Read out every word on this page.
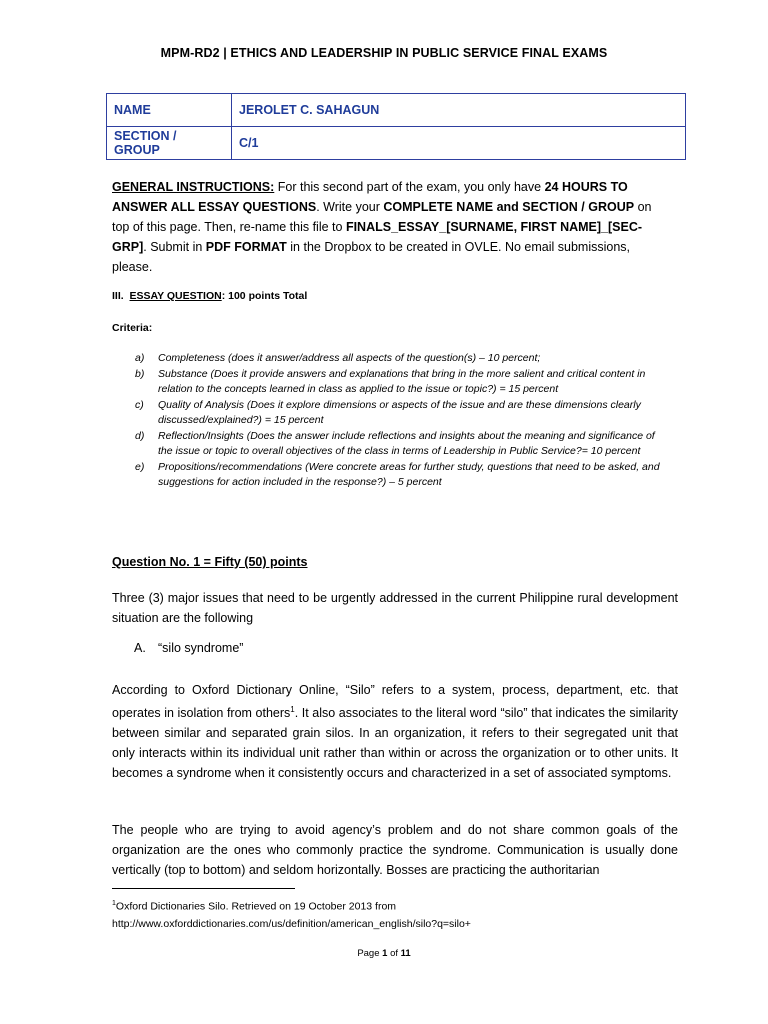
MPM-RD2 | ETHICS AND LEADERSHIP IN PUBLIC SERVICE FINAL EXAMS
NAME	JEROLET C. SAHAGUN
SECTION / GROUP	C/1
GENERAL INSTRUCTIONS: For this second part of the exam, you only have 24 HOURS TO ANSWER ALL ESSAY QUESTIONS. Write your COMPLETE NAME and SECTION / GROUP on top of this page. Then, re-name this file to FINALS_ESSAY_[SURNAME, FIRST NAME]_[SEC-GRP]. Submit in PDF FORMAT in the Dropbox to be created in OVLE. No email submissions, please.
III. ESSAY QUESTION: 100 points Total
Criteria:
a) Completeness (does it answer/address all aspects of the question(s) – 10 percent;
b) Substance (Does it provide answers and explanations that bring in the more salient and critical content in relation to the concepts learned in class as applied to the issue or topic?) = 15 percent
c) Quality of Analysis (Does it explore dimensions or aspects of the issue and are these dimensions clearly discussed/explained?) = 15 percent
d) Reflection/Insights (Does the answer include reflections and insights about the meaning and significance of the issue or topic to overall objectives of the class in terms of Leadership in Public Service?= 10 percent
e) Propositions/recommendations (Were concrete areas for further study, questions that need to be asked, and suggestions for action included in the response?) – 5 percent
Question No. 1 = Fifty (50) points
Three (3) major issues that need to be urgently addressed in the current Philippine rural development situation are the following
A. “silo syndrome”
According to Oxford Dictionary Online, “Silo” refers to a system, process, department, etc. that operates in isolation from others$^1$. It also associates to the literal word “silo” that indicates the similarity between similar and separated grain silos. In an organization, it refers to their segregated unit that only interacts within its individual unit rather than within or across the organization or to other units. It becomes a syndrome when it consistently occurs and characterized in a set of associated symptoms.
The people who are trying to avoid agency’s problem and do not share common goals of the organization are the ones who commonly practice the syndrome. Communication is usually done vertically (top to bottom) and seldom horizontally. Bosses are practicing the authoritarian
$^1$Oxford Dictionaries Silo. Retrieved on 19 October 2013 from
http://www.oxforddictionaries.com/us/definition/american_english/silo?q=silo+
Page 1 of 11
